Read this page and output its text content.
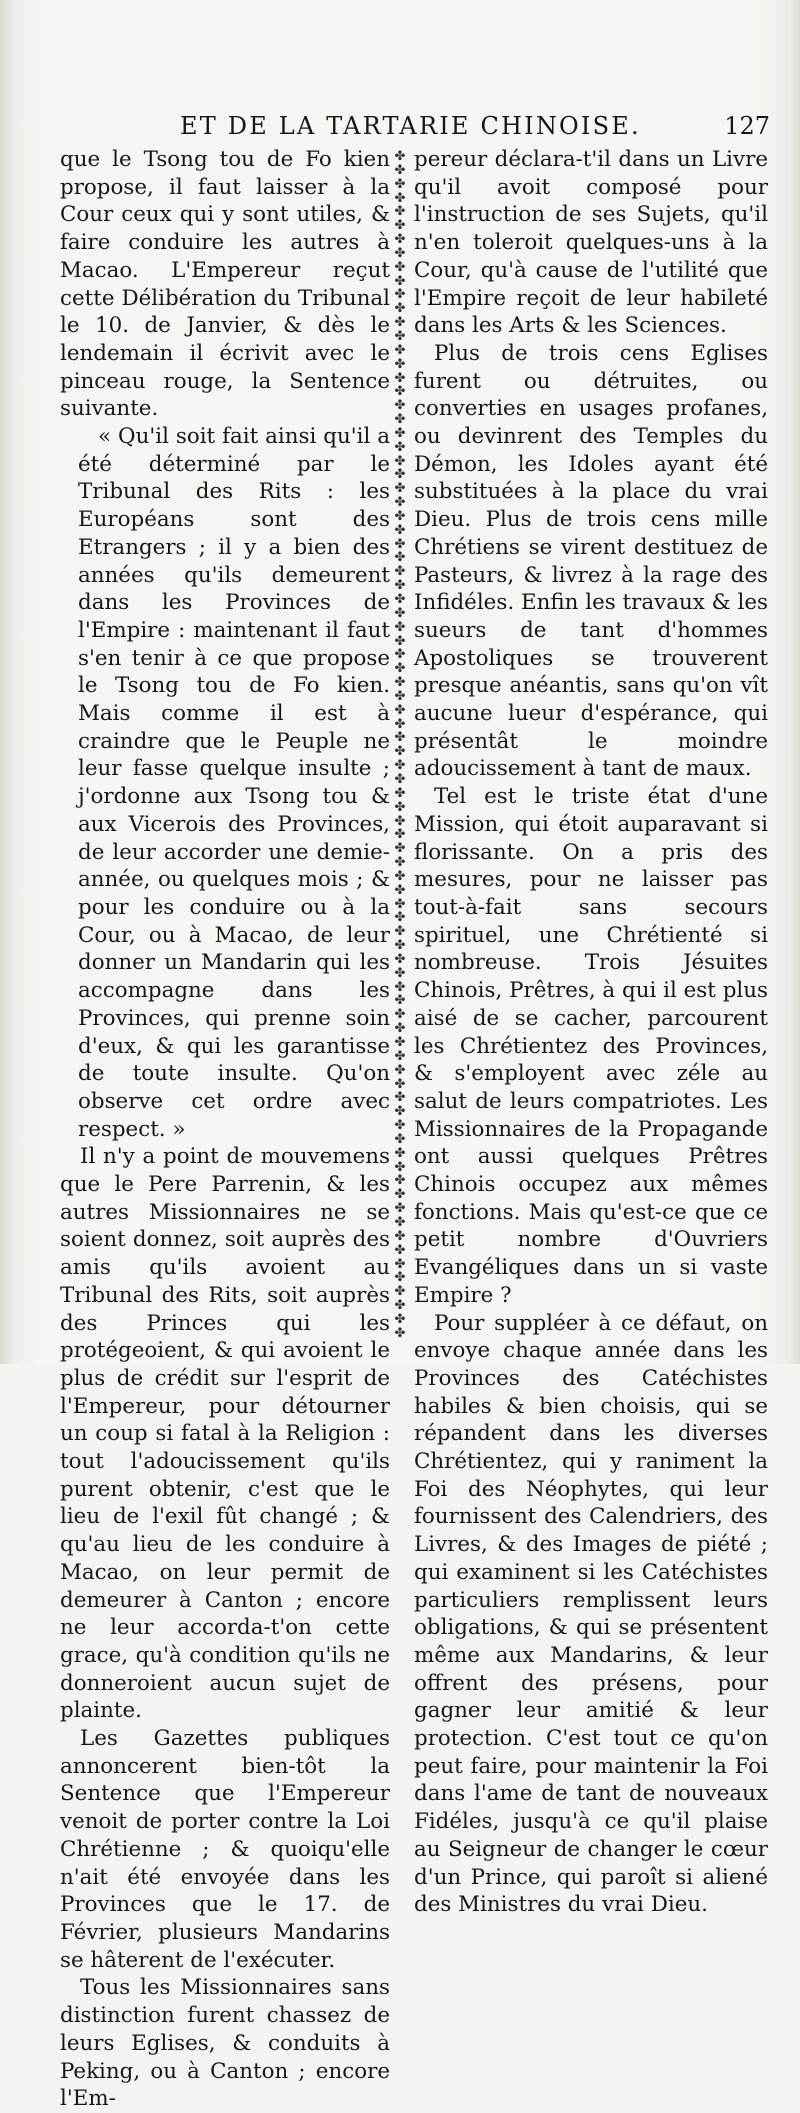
ET DE LA TARTARIE CHINOISE.	127

que le Tsong tou de Fo kien propose, il faut laisser à la Cour ceux qui y sont utiles, & faire conduire les autres à Macao. L'Empereur reçut cette Délibération du Tribunal le 10. de Janvier, & dès le lendemain il écrivit avec le pinceau rouge, la Sentence suivante.

« Qu'il soit fait ainsi qu'il a été déterminé par le Tribunal des Rits : les Européans sont des Etrangers ; il y a bien des années qu'ils demeurent dans les Provinces de l'Empire : maintenant il faut s'en tenir à ce que propose le Tsong tou de Fo kien. Mais comme il est à craindre que le Peuple ne leur fasse quelque insulte ; j'ordonne aux Tsong tou & aux Vicerois des Provinces, de leur accorder une demie-année, ou quelques mois ; & pour les conduire ou à la Cour, ou à Macao, de leur donner un Mandarin qui les accompagne dans les Provinces, qui prenne soin d'eux, & qui les garantisse de toute insulte. Qu'on observe cet ordre avec respect. »

Il n'y a point de mouvemens que le Pere Parrenin, & les autres Missionnaires ne se soient donnez, soit auprès des amis qu'ils avoient au Tribunal des Rits, soit auprès des Princes qui les protégeoient, & qui avoient le plus de crédit sur l'esprit de l'Empereur, pour détourner un coup si fatal à la Religion : tout l'adoucissement qu'ils purent obtenir, c'est que le lieu de l'exil fût changé ; & qu'au lieu de les conduire à Macao, on leur permit de demeurer à Canton ; encore ne leur accorda-t'on cette grace, qu'à condition qu'ils ne donneroient aucun sujet de plainte.

Les Gazettes publiques annoncerent bien-tôt la Sentence que l'Empereur venoit de porter contre la Loi Chrétienne ; & quoiqu'elle n'ait été envoyée dans les Provinces que le 17. de Février, plusieurs Mandarins se hâterent de l'exécuter.

Tous les Missionnaires sans distinction furent chassez de leurs Eglises, & conduits à Peking, ou à Canton ; encore l'Em-

✤
✤
✤
✤
✤
✤
✤
✤
✤
✤
✤
✤
✤
✤
✤
✤
✤
✤
✤
✤
✤
✤
✤
✤
✤
✤
✤
✤
✤
✤
✤
✤
✤
✤
✤
✤
✤
✤
✤
✤
✤
✤
✤
✤
✤
✤
✤
✤
✤
✤
✤
✤
✤
✤
✤
✤
✤
✤
✤
✤
✤
✤
✤
✤
✤
✤
✤
✤
✤
✤
✤
✤
✤
✤
✤
✤
✤
✤
✤
✤
✤
✤
✤
✤
✤
✤

pereur déclara-t'il dans un Livre qu'il avoit composé pour l'instruction de ses Sujets, qu'il n'en toleroit quelques-uns à la Cour, qu'à cause de l'utilité que l'Empire reçoit de leur habileté dans les Arts & les Sciences.

Plus de trois cens Eglises furent ou détruites, ou converties en usages profanes, ou devinrent des Temples du Démon, les Idoles ayant été substituées à la place du vrai Dieu. Plus de trois cens mille Chrétiens se virent destituez de Pasteurs, & livrez à la rage des Infidéles. Enfin les travaux & les sueurs de tant d'hommes Apostoliques se trouverent presque anéantis, sans qu'on vît aucune lueur d'espérance, qui présentât le moindre adoucissement à tant de maux.

Tel est le triste état d'une Mission, qui étoit auparavant si florissante. On a pris des mesures, pour ne laisser pas tout-à-fait sans secours spirituel, une Chrétienté si nombreuse. Trois Jésuites Chinois, Prêtres, à qui il est plus aisé de se cacher, parcourent les Chrétientez des Provinces, & s'employent avec zéle au salut de leurs compatriotes. Les Missionnaires de la Propagande ont aussi quelques Prêtres Chinois occupez aux mêmes fonctions. Mais qu'est-ce que ce petit nombre d'Ouvriers Evangéliques dans un si vaste Empire ?

Pour suppléer à ce défaut, on envoye chaque année dans les Provinces des Catéchistes habiles & bien choisis, qui se répandent dans les diverses Chrétientez, qui y raniment la Foi des Néophytes, qui leur fournissent des Calendriers, des Livres, & des Images de piété ; qui examinent si les Catéchistes particuliers remplissent leurs obligations, & qui se présentent même aux Mandarins, & leur offrent des présens, pour gagner leur amitié & leur protection. C'est tout ce qu'on peut faire, pour maintenir la Foi dans l'ame de tant de nouveaux Fidéles, jusqu'à ce qu'il plaise au Seigneur de changer le cœur d'un Prince, qui paroît si aliené des Ministres du vrai Dieu.
